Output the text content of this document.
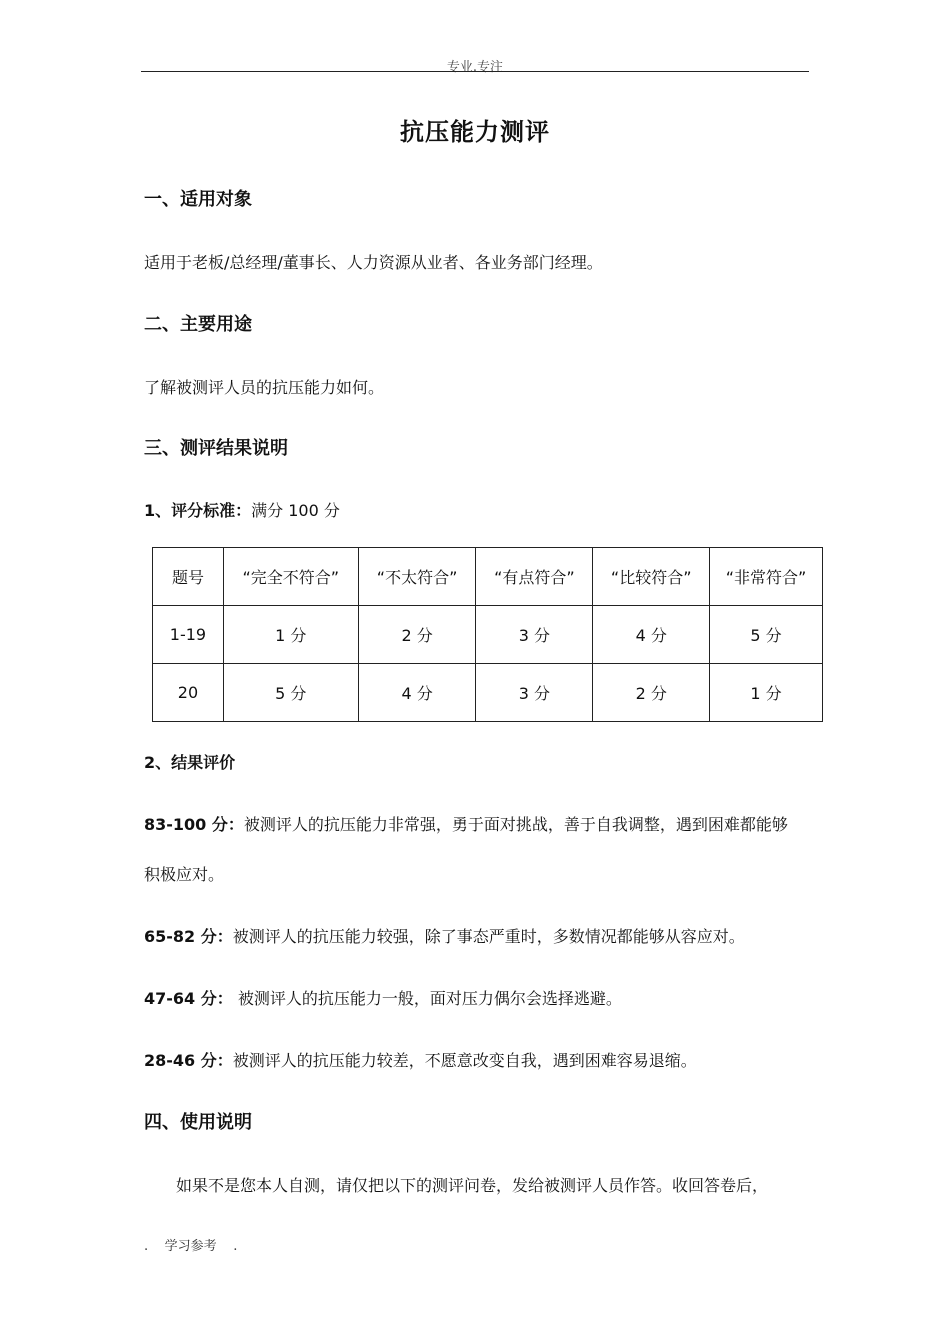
专业.专注
抗压能力测评
一、适用对象
适用于老板/总经理/董事长、人力资源从业者、各业务部门经理。
二、主要用途
了解被测评人员的抗压能力如何。
三、测评结果说明
1、评分标准：满分 100 分
题号	“完全不符合”	“不太符合”	“有点符合”	“比较符合”	“非常符合”
1-19	1 分	2 分	3 分	4 分	5 分
20	5 分	4 分	3 分	2 分	1 分
2、结果评价
83-100 分：被测评人的抗压能力非常强，勇于面对挑战，善于自我调整，遇到困难都能够
积极应对。
65-82 分：被测评人的抗压能力较强，除了事态严重时，多数情况都能够从容应对。
47-64 分： 被测评人的抗压能力一般，面对压力偶尔会选择逃避。
28-46 分：被测评人的抗压能力较差，不愿意改变自我，遇到困难容易退缩。
四、使用说明
如果不是您本人自测，请仅把以下的测评问卷，发给被测评人员作答。收回答卷后，
.    学习参考    .
